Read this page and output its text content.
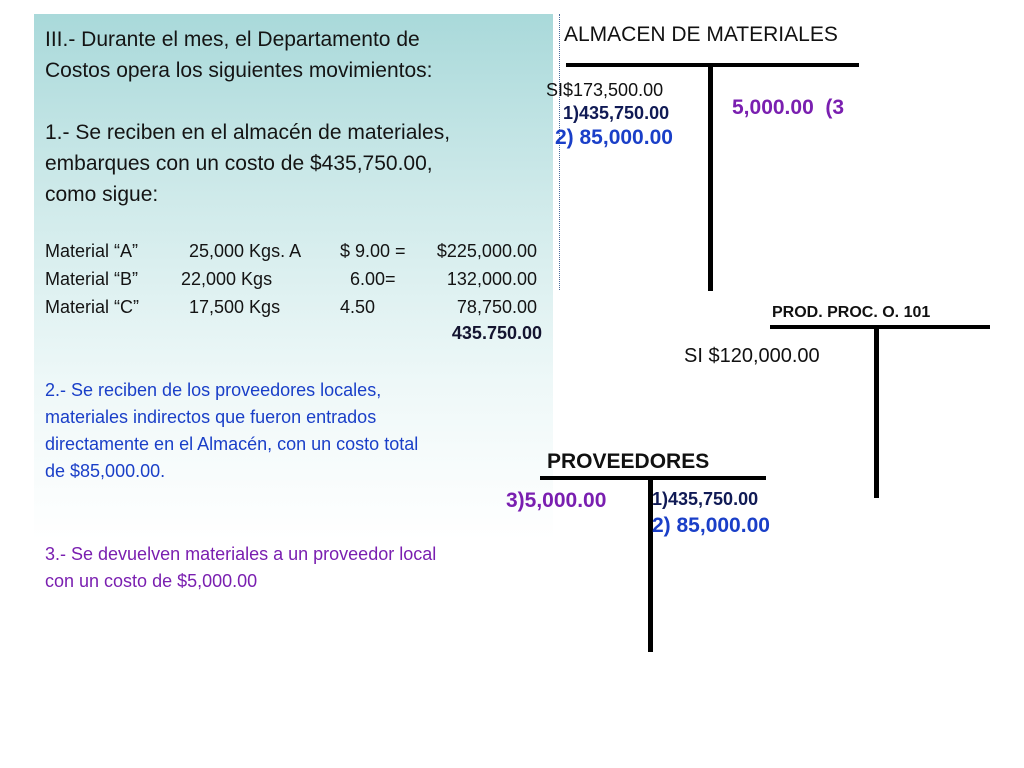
III.- Durante el mes, el Departamento de
Costos opera los siguientes movimientos:
1.- Se reciben en el almacén de materiales,
embarques con un costo de $435,750.00,
como sigue:
Material “A”	25,000 Kgs. A $ 9.00 =	$225,000.00
Material “B” 22,000 Kgs	6.00=	132,000.00
Material “C”	17,500 Kgs	4.50	78,750.00
435.750.00
2.- Se reciben de los proveedores locales,
materiales indirectos que fueron entrados
directamente en el Almacén, con un costo total
de $85,000.00.
3.- Se devuelven materiales a un proveedor local
con un costo de $5,000.00
ALMACEN DE MATERIALES
SI$173,500.00
1)435,750.00
2) 85,000.00
5,000.00  (3
PROD. PROC. O. 101
SI $120,000.00
PROVEEDORES
3)5,000.00	1)435,750.00
2) 85,000.00
